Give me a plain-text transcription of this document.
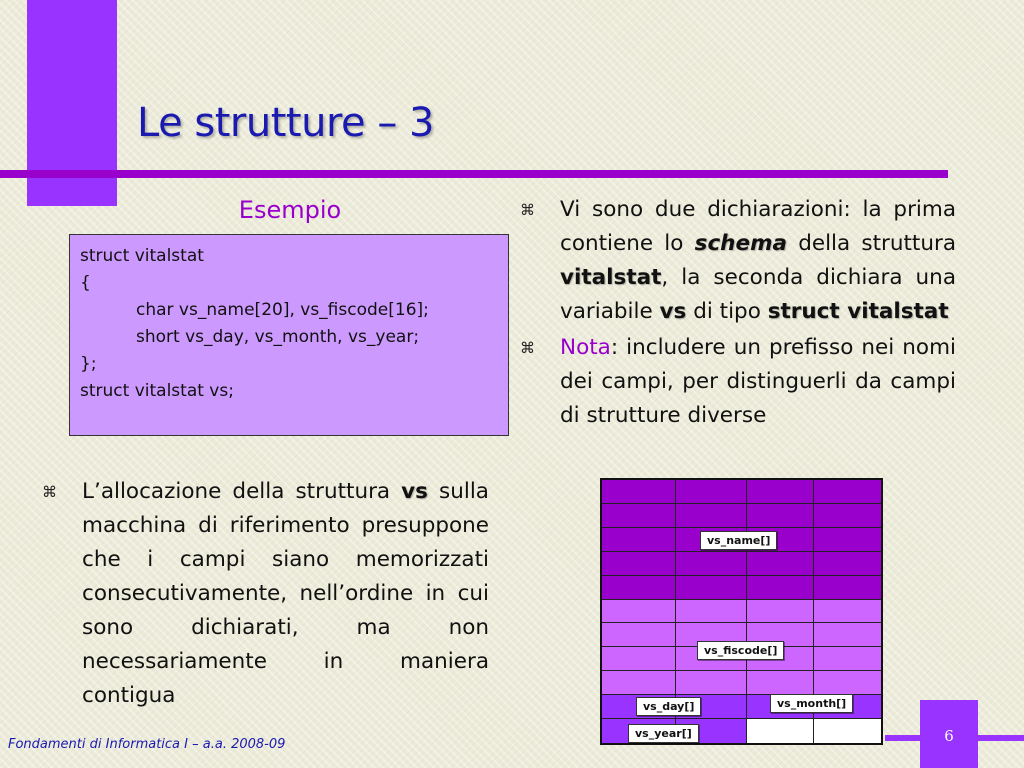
Le strutture – 3
Esempio
struct vitalstat
{
char vs_name[20], vs_fiscode[16];
short vs_day, vs_month, vs_year;
};
struct vitalstat vs;
⌘ Vi sono due dichiarazioni: la prima contiene lo schema della struttura vitalstat, la seconda dichiara una variabile vs di tipo struct vitalstat
⌘ Nota: includere un prefisso nei nomi dei campi, per distinguerli da campi di strutture diverse
⌘ L’allocazione della struttura vs sulla macchina di riferimento presuppone che i campi siano memorizzati consecutivamente, nell’ordine in cui sono dichiarati, ma non necessariamente in maniera contigua
vs_name[]
vs_fiscode[]
vs_day[]	vs_month[]
vs_year[]
Fondamenti di Informatica I – a.a. 2008-09	6
